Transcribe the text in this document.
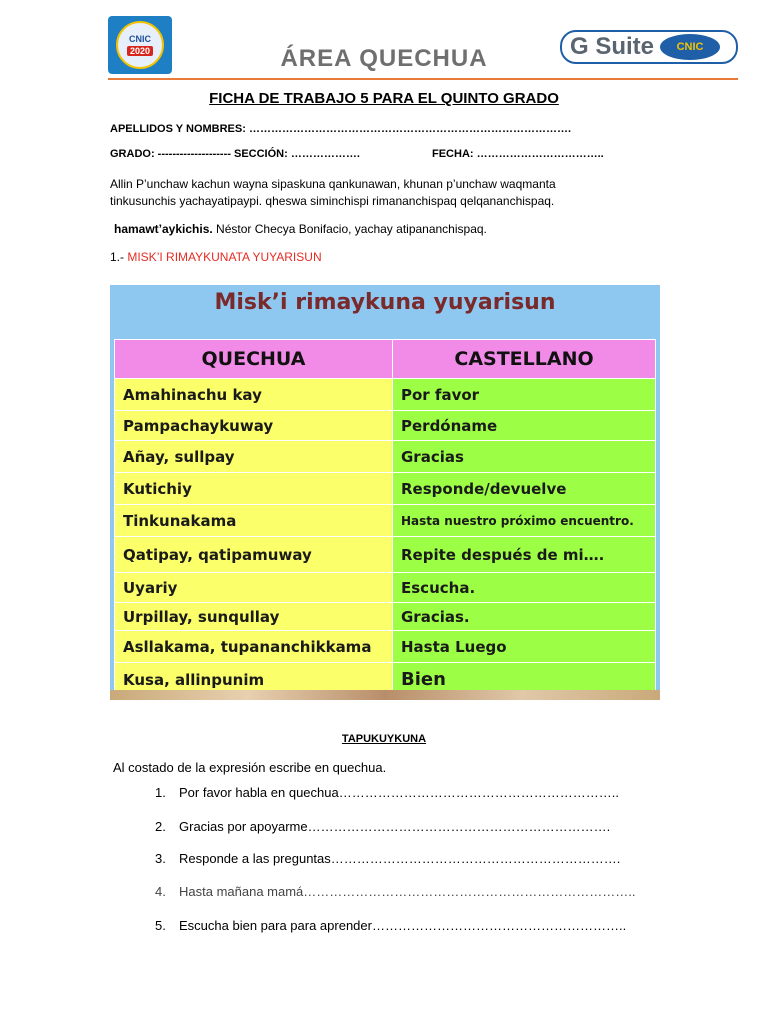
CNIC
2020	ÁREA QUECHUA	G Suite	CNIC
FICHA DE TRABAJO 5 PARA EL QUINTO GRADO
APELLIDOS Y NOMBRES: …………………………………………………………………………….
GRADO: -------------------- SECCIÓN: ……………….	FECHA: ……………………………..
Allin P’unchaw kachun wayna sipaskuna qankunawan, khunan p’unchaw waqmanta
tinkusunchis yachayatipaypi. qheswa siminchispi rimananchispaq qelqananchispaq.
hamawt’aykichis. Néstor Checya Bonifacio, yachay atipananchispaq.
1.- MISK’I RIMAYKUNATA YUYARISUN
Misk’i rimaykuna yuyarisun
QUECHUA	CASTELLANO
Amahinachu kay	Por favor
Pampachaykuway	Perdóname
Añay, sullpay	Gracias
Kutichiy	Responde/devuelve
Tinkunakama	Hasta nuestro próximo encuentro.
Qatipay, qatipamuway	Repite después de mi….
Uyariy	Escucha.
Urpillay, sunqullay	Gracias.
Asllakama, tupananchikkama	Hasta Luego
Kusa, allinpunim	Bien
TAPUKUYKUNA
Al costado de la expresión escribe en quechua.
1. Por favor habla en quechua………………………………………………………..
2. Gracias por apoyarme…………………………………………………………….
3. Responde a las preguntas………………………………………………………….
4. Hasta mañana mamá…………………………………………………………………..
5. Escucha bien para para aprender…………………………………………………..
